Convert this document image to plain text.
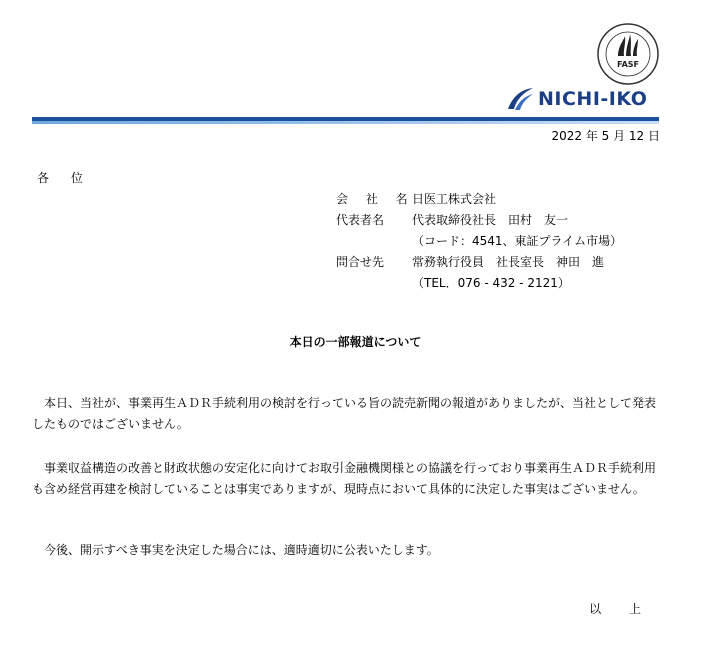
FASF
NICHI-IKO
2022 年 5 月 12 日
各 位
会 社 名
日医工株式会社
代表者名	代表取締役社長　田村　友一
（コード：4541、東証プライム市場）
問合せ先	常務執行役員　社長室長　神田　進
（TEL．076 - 432 - 2121）
本日の一部報道について
本日、当社が、事業再生ＡＤＲ手続利用の検討を行っている旨の読売新聞の報道がありましたが、当社として発表したものではございません。
事業収益構造の改善と財政状態の安定化に向けてお取引金融機関様との協議を行っており事業再生ＡＤＲ手続利用も含め経営再建を検討していることは事実でありますが、現時点において具体的に決定した事実はございません。
今後、開示すべき事実を決定した場合には、適時適切に公表いたします。
以 上
